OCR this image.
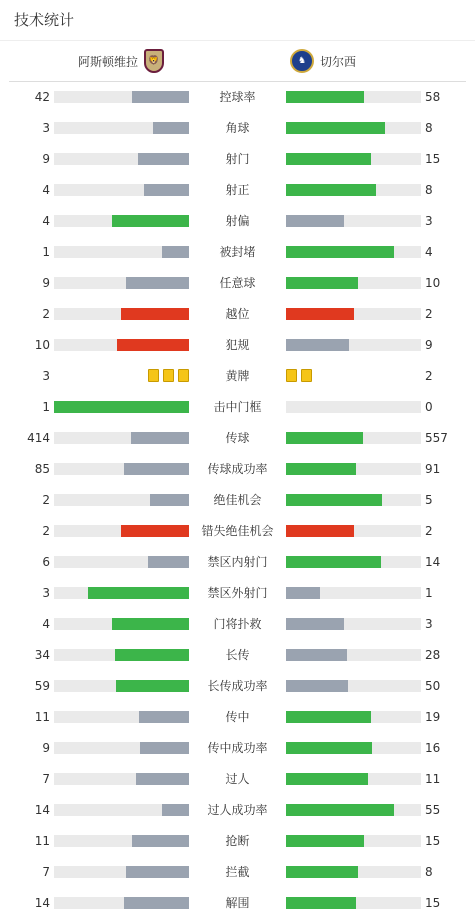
技术统计
阿斯顿维拉	🦁	♞	切尔西
42	控球率	58
3	角球	8
9	射门	15
4	射正	8
4	射偏	3
1	被封堵	4
9	任意球	10
2	越位	2
10	犯规	9
3	黄牌	2
1	击中门框	0
414	传球	557
85	传球成功率	91
2	绝佳机会	5
2	错失绝佳机会	2
6	禁区内射门	14
3	禁区外射门	1
4	门将扑救	3
34	长传	28
59	长传成功率	50
11	传中	19
9	传中成功率	16
7	过人	11
14	过人成功率	55
11	抢断	15
7	拦截	8
14	解围	15
